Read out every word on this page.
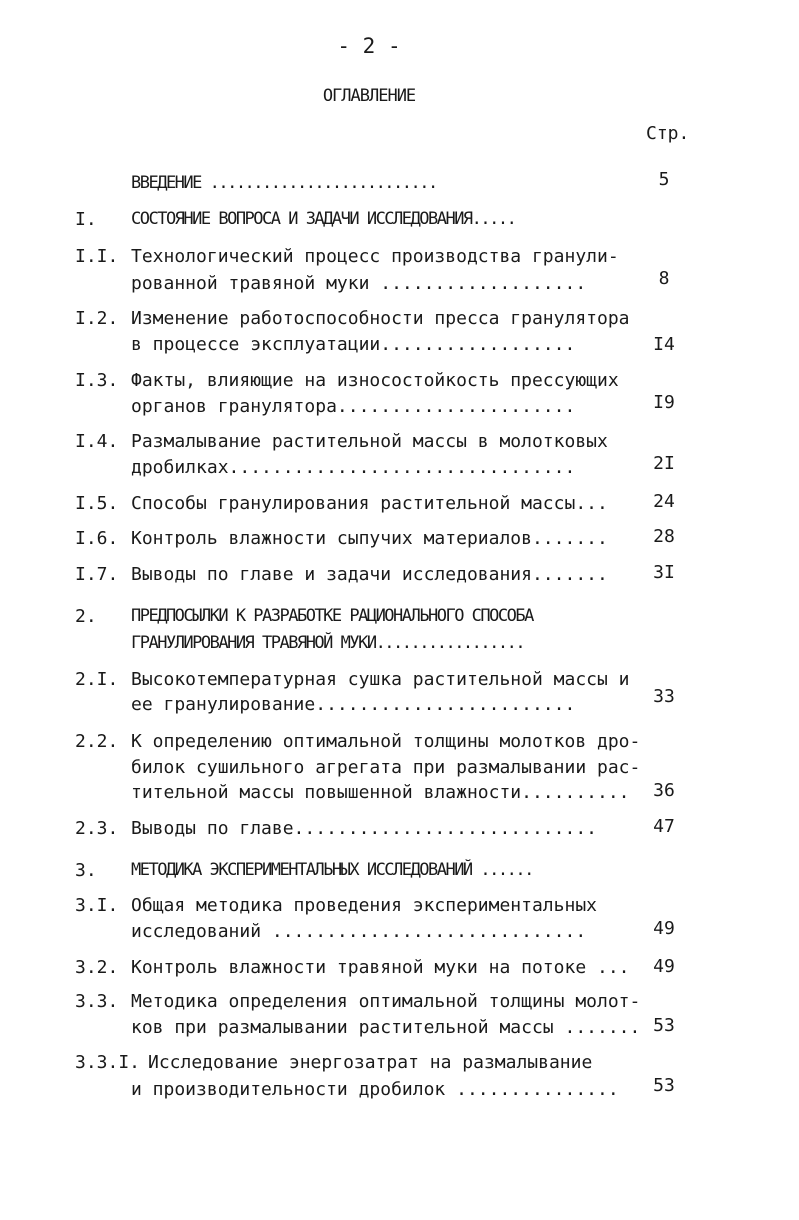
- 2 -
ОГЛАВЛЕНИЕ
Стр.
ВВЕДЕНИЕ ..........................	5
I. СОСТОЯНИЕ ВОПРОСА И ЗАДАЧИ ИССЛЕДОВАНИЯ.....
I.I. Технологический процесс производства гранули-
рованной травяной муки ...................	8
I.2. Изменение работоспособности пресса гранулятора
в процессе эксплуатации..................	I4
I.3. Факты, влияющие на износостойкость прессующих
органов гранулятора......................	I9
I.4. Размалывание растительной массы в молотковых
дробилках................................	2I
I.5. Способы гранулирования растительной массы...	24
I.6. Контроль влажности сыпучих материалов.......	28
I.7. Выводы по главе и задачи исследования.......	3I
2. ПРЕДПОСЫЛКИ К РАЗРАБОТКЕ РАЦИОНАЛЬНОГО СПОСОБА
ГРАНУЛИРОВАНИЯ ТРАВЯНОЙ МУКИ.................
2.I. Высокотемпературная сушка растительной массы и
ее гранулирование........................	33
2.2. К определению оптимальной толщины молотков дро-
билок сушильного агрегата при размалывании рас-
тительной массы повышенной влажности.......... 36
2.3. Выводы по главе............................	47
3. МЕТОДИКА ЭКСПЕРИМЕНТАЛЬНЫХ ИССЛЕДОВАНИЙ ......
3.I. Общая методика проведения экспериментальных
исследований .............................	49
3.2. Контроль влажности травяной муки на потоке ... 49
3.3. Методика определения оптимальной толщины молот-
ков при размалывании растительной массы ....... 53
3.3.I. Исследование энергозатрат на размалывание
и производительности дробилок ............... 53
